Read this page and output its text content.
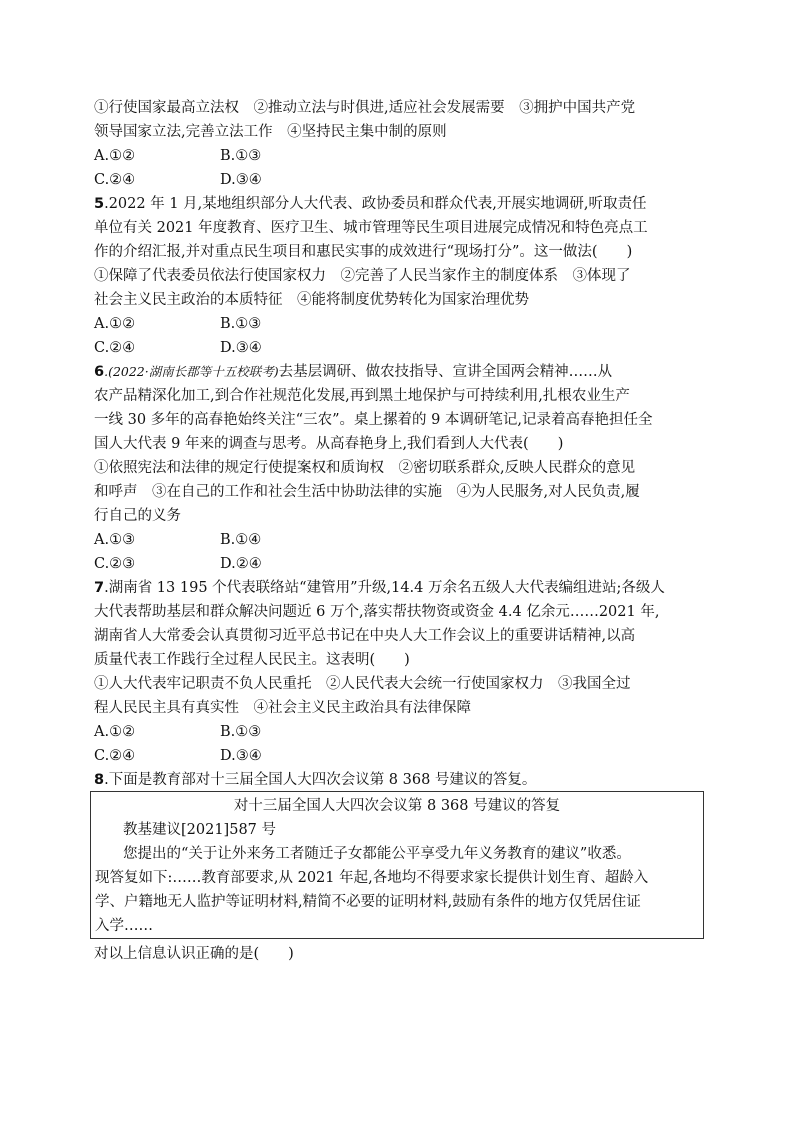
①行使国家最高立法权　②推动立法与时俱进,适应社会发展需要　③拥护中国共产党

领导国家立法,完善立法工作　④坚持民主集中制的原则

A.①②	B.①③
C.②④	D.③④

5.2022 年 1 月,某地组织部分人大代表、政协委员和群众代表,开展实地调研,听取责任

单位有关 2021 年度教育、医疗卫生、城市管理等民生项目进展完成情况和特色亮点工

作的介绍汇报,并对重点民生项目和惠民实事的成效进行“现场打分”。这一做法(　　)

①保障了代表委员依法行使国家权力　②完善了人民当家作主的制度体系　③体现了

社会主义民主政治的本质特征　④能将制度优势转化为国家治理优势

A.①②	B.①③
C.②④	D.③④

6.(2022·湖南长郡等十五校联考)去基层调研、做农技指导、宣讲全国两会精神……从

农产品精深化加工,到合作社规范化发展,再到黑土地保护与可持续利用,扎根农业生产

一线 30 多年的高春艳始终关注“三农”。桌上摞着的 9 本调研笔记,记录着高春艳担任全

国人大代表 9 年来的调查与思考。从高春艳身上,我们看到人大代表(　　)

①依照宪法和法律的规定行使提案权和质询权　②密切联系群众,反映人民群众的意见

和呼声　③在自己的工作和社会生活中协助法律的实施　④为人民服务,对人民负责,履

行自己的义务

A.①③	B.①④
C.②③	D.②④

7.湖南省 13 195 个代表联络站“建管用”升级,14.4 万余名五级人大代表编组进站;各级人

大代表帮助基层和群众解决问题近 6 万个,落实帮扶物资或资金 4.4 亿余元……2021 年,

湖南省人大常委会认真贯彻习近平总书记在中央人大工作会议上的重要讲话精神,以高

质量代表工作践行全过程人民民主。这表明(　　)

①人大代表牢记职责不负人民重托　②人民代表大会统一行使国家权力　③我国全过

程人民民主具有真实性　④社会主义民主政治具有法律保障

A.①②	B.①③
C.②④	D.③④

8.下面是教育部对十三届全国人大四次会议第 8 368 号建议的答复。

对十三届全国人大四次会议第 8 368 号建议的答复
教基建议[2021]587 号
您提出的“关于让外来务工者随迁子女都能公平享受九年义务教育的建议”收悉。
现答复如下:……教育部要求,从 2021 年起,各地均不得要求家长提供计划生育、超龄入
学、户籍地无人监护等证明材料,精简不必要的证明材料,鼓励有条件的地方仅凭居住证
入学……

对以上信息认识正确的是(　　)
